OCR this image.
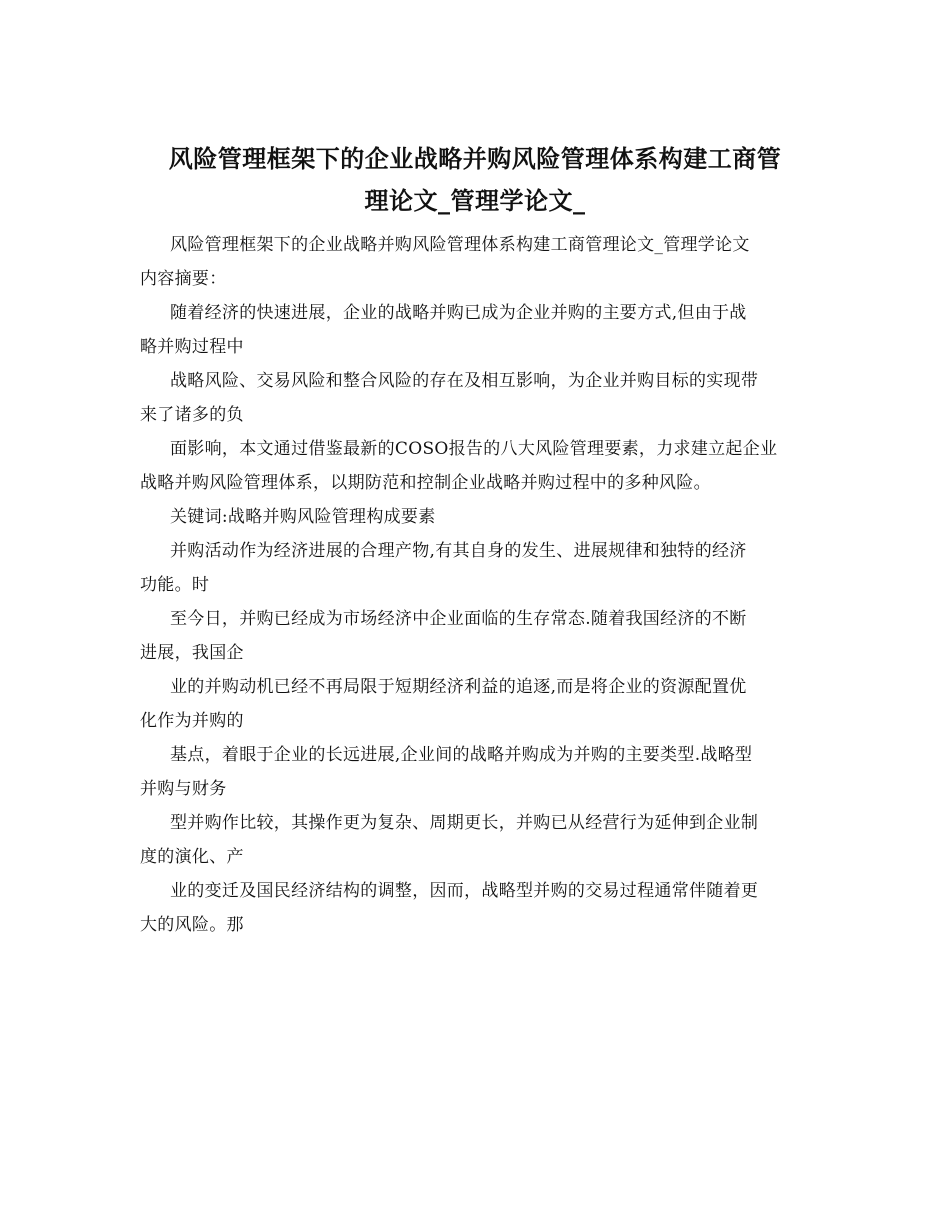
风险管理框架下的企业战略并购风险管理体系构建工商管
理论文_管理学论文_

风险管理框架下的企业战略并购风险管理体系构建工商管理论文_管理学论文
内容摘要：

随着经济的快速进展，企业的战略并购已成为企业并购的主要方式,但由于战
略并购过程中

战略风险、交易风险和整合风险的存在及相互影响，为企业并购目标的实现带
来了诸多的负

面影响，本文通过借鉴最新的COSO报告的八大风险管理要素，力求建立起企业
战略并购风险管理体系，以期防范和控制企业战略并购过程中的多种风险。

关键词:战略并购风险管理构成要素

并购活动作为经济进展的合理产物,有其自身的发生、进展规律和独特的经济
功能。时

至今日，并购已经成为市场经济中企业面临的生存常态.随着我国经济的不断
进展，我国企

业的并购动机已经不再局限于短期经济利益的追逐,而是将企业的资源配置优
化作为并购的

基点，着眼于企业的长远进展,企业间的战略并购成为并购的主要类型.战略型
并购与财务

型并购作比较，其操作更为复杂、周期更长，并购已从经营行为延伸到企业制
度的演化、产

业的变迁及国民经济结构的调整，因而，战略型并购的交易过程通常伴随着更
大的风险。那
